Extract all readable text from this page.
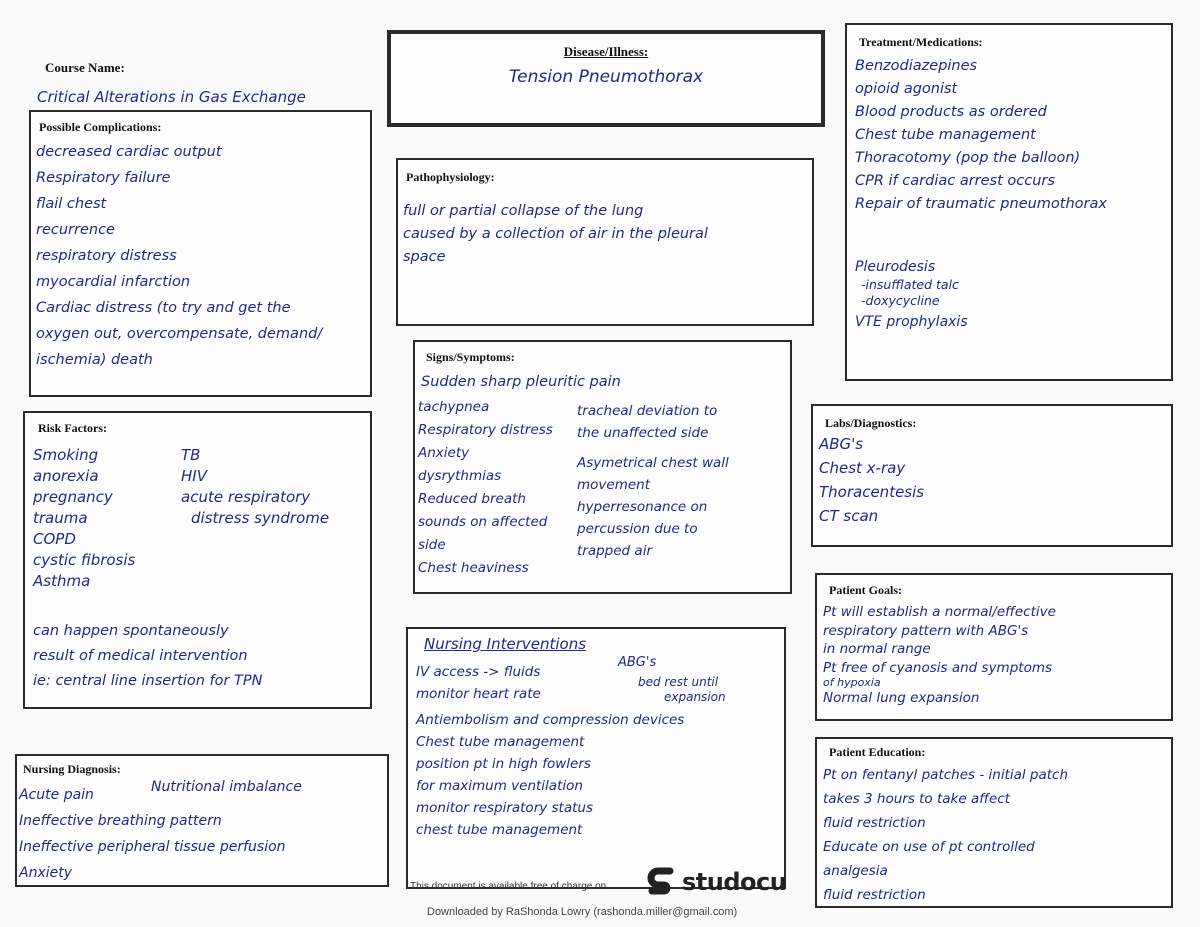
Course Name:
Critical Alterations in Gas Exchange
Disease/Illness:
Tension Pneumothorax
Possible Complications:
decreased cardiac output
Respiratory failure
flail chest
recurrence
respiratory distress
myocardial infarction
Cardiac distress (to try and get the
oxygen out, overcompensate, demand/
ischemia) death
Pathophysiology:
full or partial collapse of the lung
caused by a collection of air in the pleural
space
Treatment/Medications:
Benzodiazepines
opioid agonist
Blood products as ordered
Chest tube management
Thoracotomy (pop the balloon)
CPR if cardiac arrest occurs
Repair of traumatic pneumothorax
Pleurodesis
-insufflated talc
-doxycycline
VTE prophylaxis
Signs/Symptoms:
Sudden sharp pleuritic pain
tachypnea
Respiratory distress
Anxiety
dysrythmias
Reduced breath
sounds on affected
side
Chest heaviness
tracheal deviation to
the unaffected side
Asymetrical chest wall
movement
hyperresonance on
percussion due to
trapped air
Risk Factors:
Smoking
anorexia
pregnancy
trauma
COPD
cystic fibrosis
Asthma
TB
HIV
acute respiratory
distress syndrome
can happen spontaneously
result of medical intervention
ie: central line insertion for TPN
Labs/Diagnostics:
ABG's
Chest x-ray
Thoracentesis
CT scan
Patient Goals:
Pt will establish a normal/effective
respiratory pattern with ABG's
in normal range
Pt free of cyanosis and symptoms
of hypoxia
Normal lung expansion
Nursing Interventions
IV access -> fluids
monitor heart rate
Antiembolism and compression devices
Chest tube management
position pt in high fowlers
for maximum ventilation
monitor respiratory status
chest tube management
ABG's
bed rest until
expansion
This document is available free of charge on
Patient Education:
Pt on fentanyl patches - initial patch
takes 3 hours to take affect
fluid restriction
Educate on use of pt controlled
analgesia
fluid restriction
Nursing Diagnosis:
Acute pain
Ineffective breathing pattern
Ineffective peripheral tissue perfusion
Anxiety
Nutritional imbalance
studocu
Downloaded by RaShonda Lowry (rashonda.miller@gmail.com)
